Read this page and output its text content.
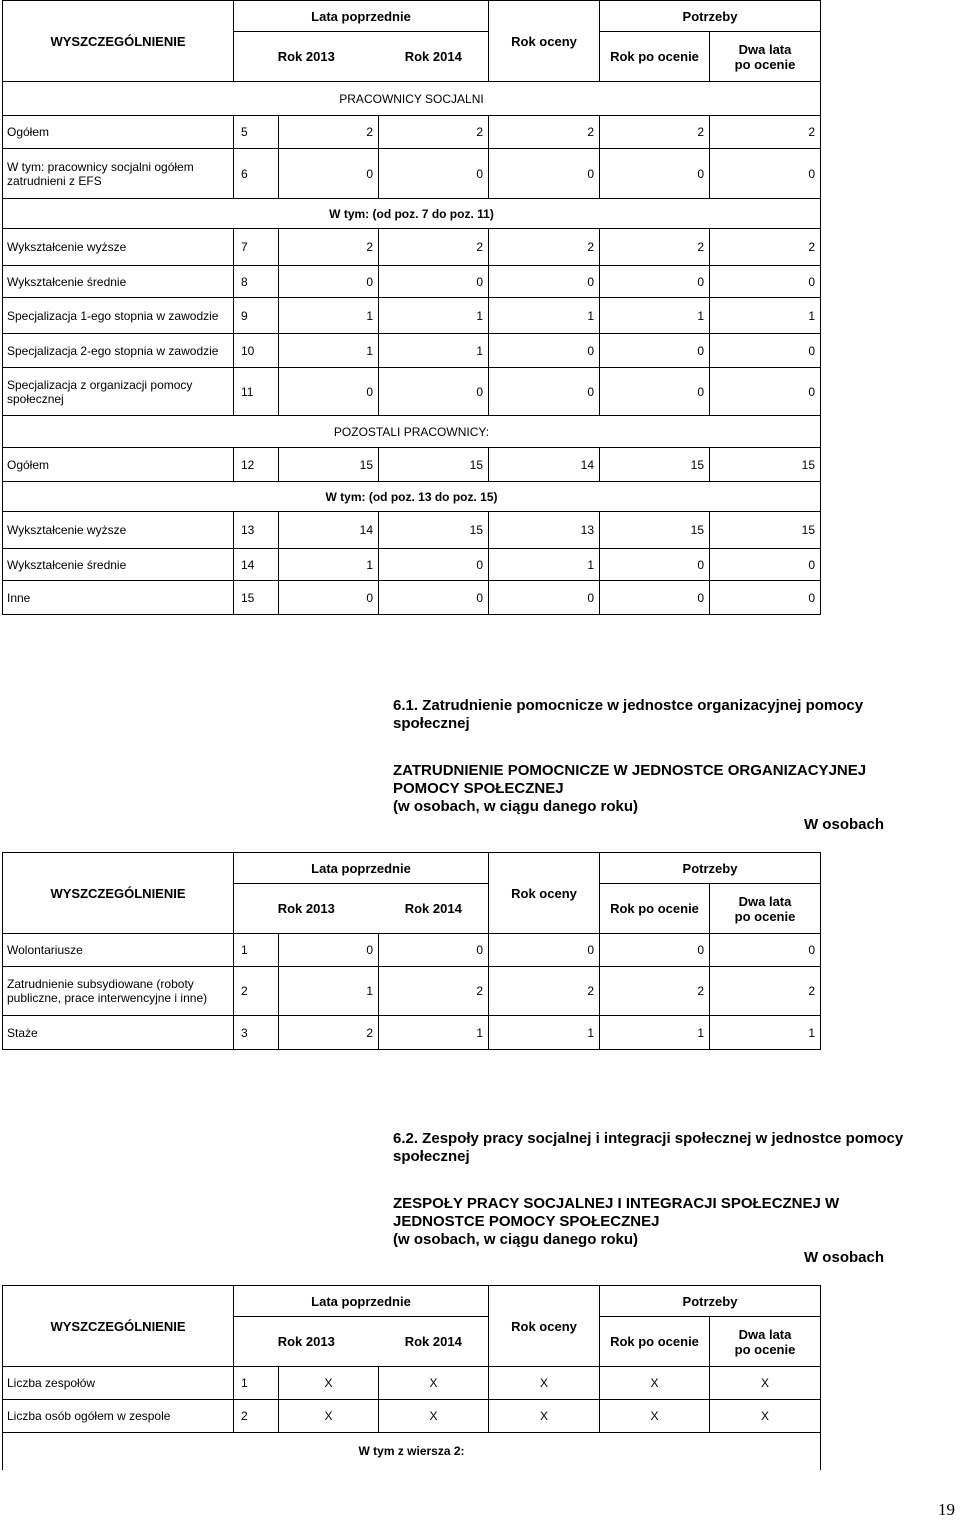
WYSZCZEGÓLNIENIE	Lata poprzednie			Rok oceny	Potrzeby	
	Rok 2013		Rok 2014		Rok po ocenie	Dwa lata
po ocenie
PRACOWNICY SOCJALNI						
Ogółem	5	2	2	2	2	2
W tym: pracownicy socjalni ogółem zatrudnieni z EFS	6	0	0	0	0	0
W tym: (od poz. 7 do poz. 11)						
Wykształcenie wyższe	7	2	2	2	2	2
Wykształcenie średnie	8	0	0	0	0	0
Specjalizacja 1-ego stopnia w zawodzie	9	1	1	1	1	1
Specjalizacja 2-ego stopnia w zawodzie	10	1	1	0	0	0
Specjalizacja z organizacji pomocy społecznej	11	0	0	0	0	0
POZOSTALI PRACOWNICY:						
Ogółem	12	15	15	14	15	15
W tym: (od poz. 13 do poz. 15)						
Wykształcenie wyższe	13	14	15	13	15	15
Wykształcenie średnie	14	1	0	1	0	0
Inne	15	0	0	0	0	0
6.1. Zatrudnienie pomocnicze w jednostce organizacyjnej pomocy społecznej
ZATRUDNIENIE POMOCNICZE W JEDNOSTCE ORGANIZACYJNEJ POMOCY SPOŁECZNEJ
(w osobach, w ciągu danego roku)
W osobach
WYSZCZEGÓLNIENIE	Lata poprzednie			Rok oceny	Potrzeby	
	Rok 2013		Rok 2014		Rok po ocenie	Dwa lata
po ocenie
Wolontariusze	1	0	0	0	0	0
Zatrudnienie subsydiowane (roboty publiczne, prace interwencyjne i inne)	2	1	2	2	2	2
Staże	3	2	1	1	1	1
6.2. Zespoły pracy socjalnej i integracji społecznej w jednostce pomocy społecznej
ZESPOŁY PRACY SOCJALNEJ I INTEGRACJI SPOŁECZNEJ W JEDNOSTCE POMOCY SPOŁECZNEJ
(w osobach, w ciągu danego roku)
W osobach
WYSZCZEGÓLNIENIE	Lata poprzednie			Rok oceny	Potrzeby	
	Rok 2013		Rok 2014		Rok po ocenie	Dwa lata
po ocenie
Liczba zespołów	1	X	X	X	X	X
Liczba osób ogółem w zespole	2	X	X	X	X	X
W tym z wiersza 2:						
19
